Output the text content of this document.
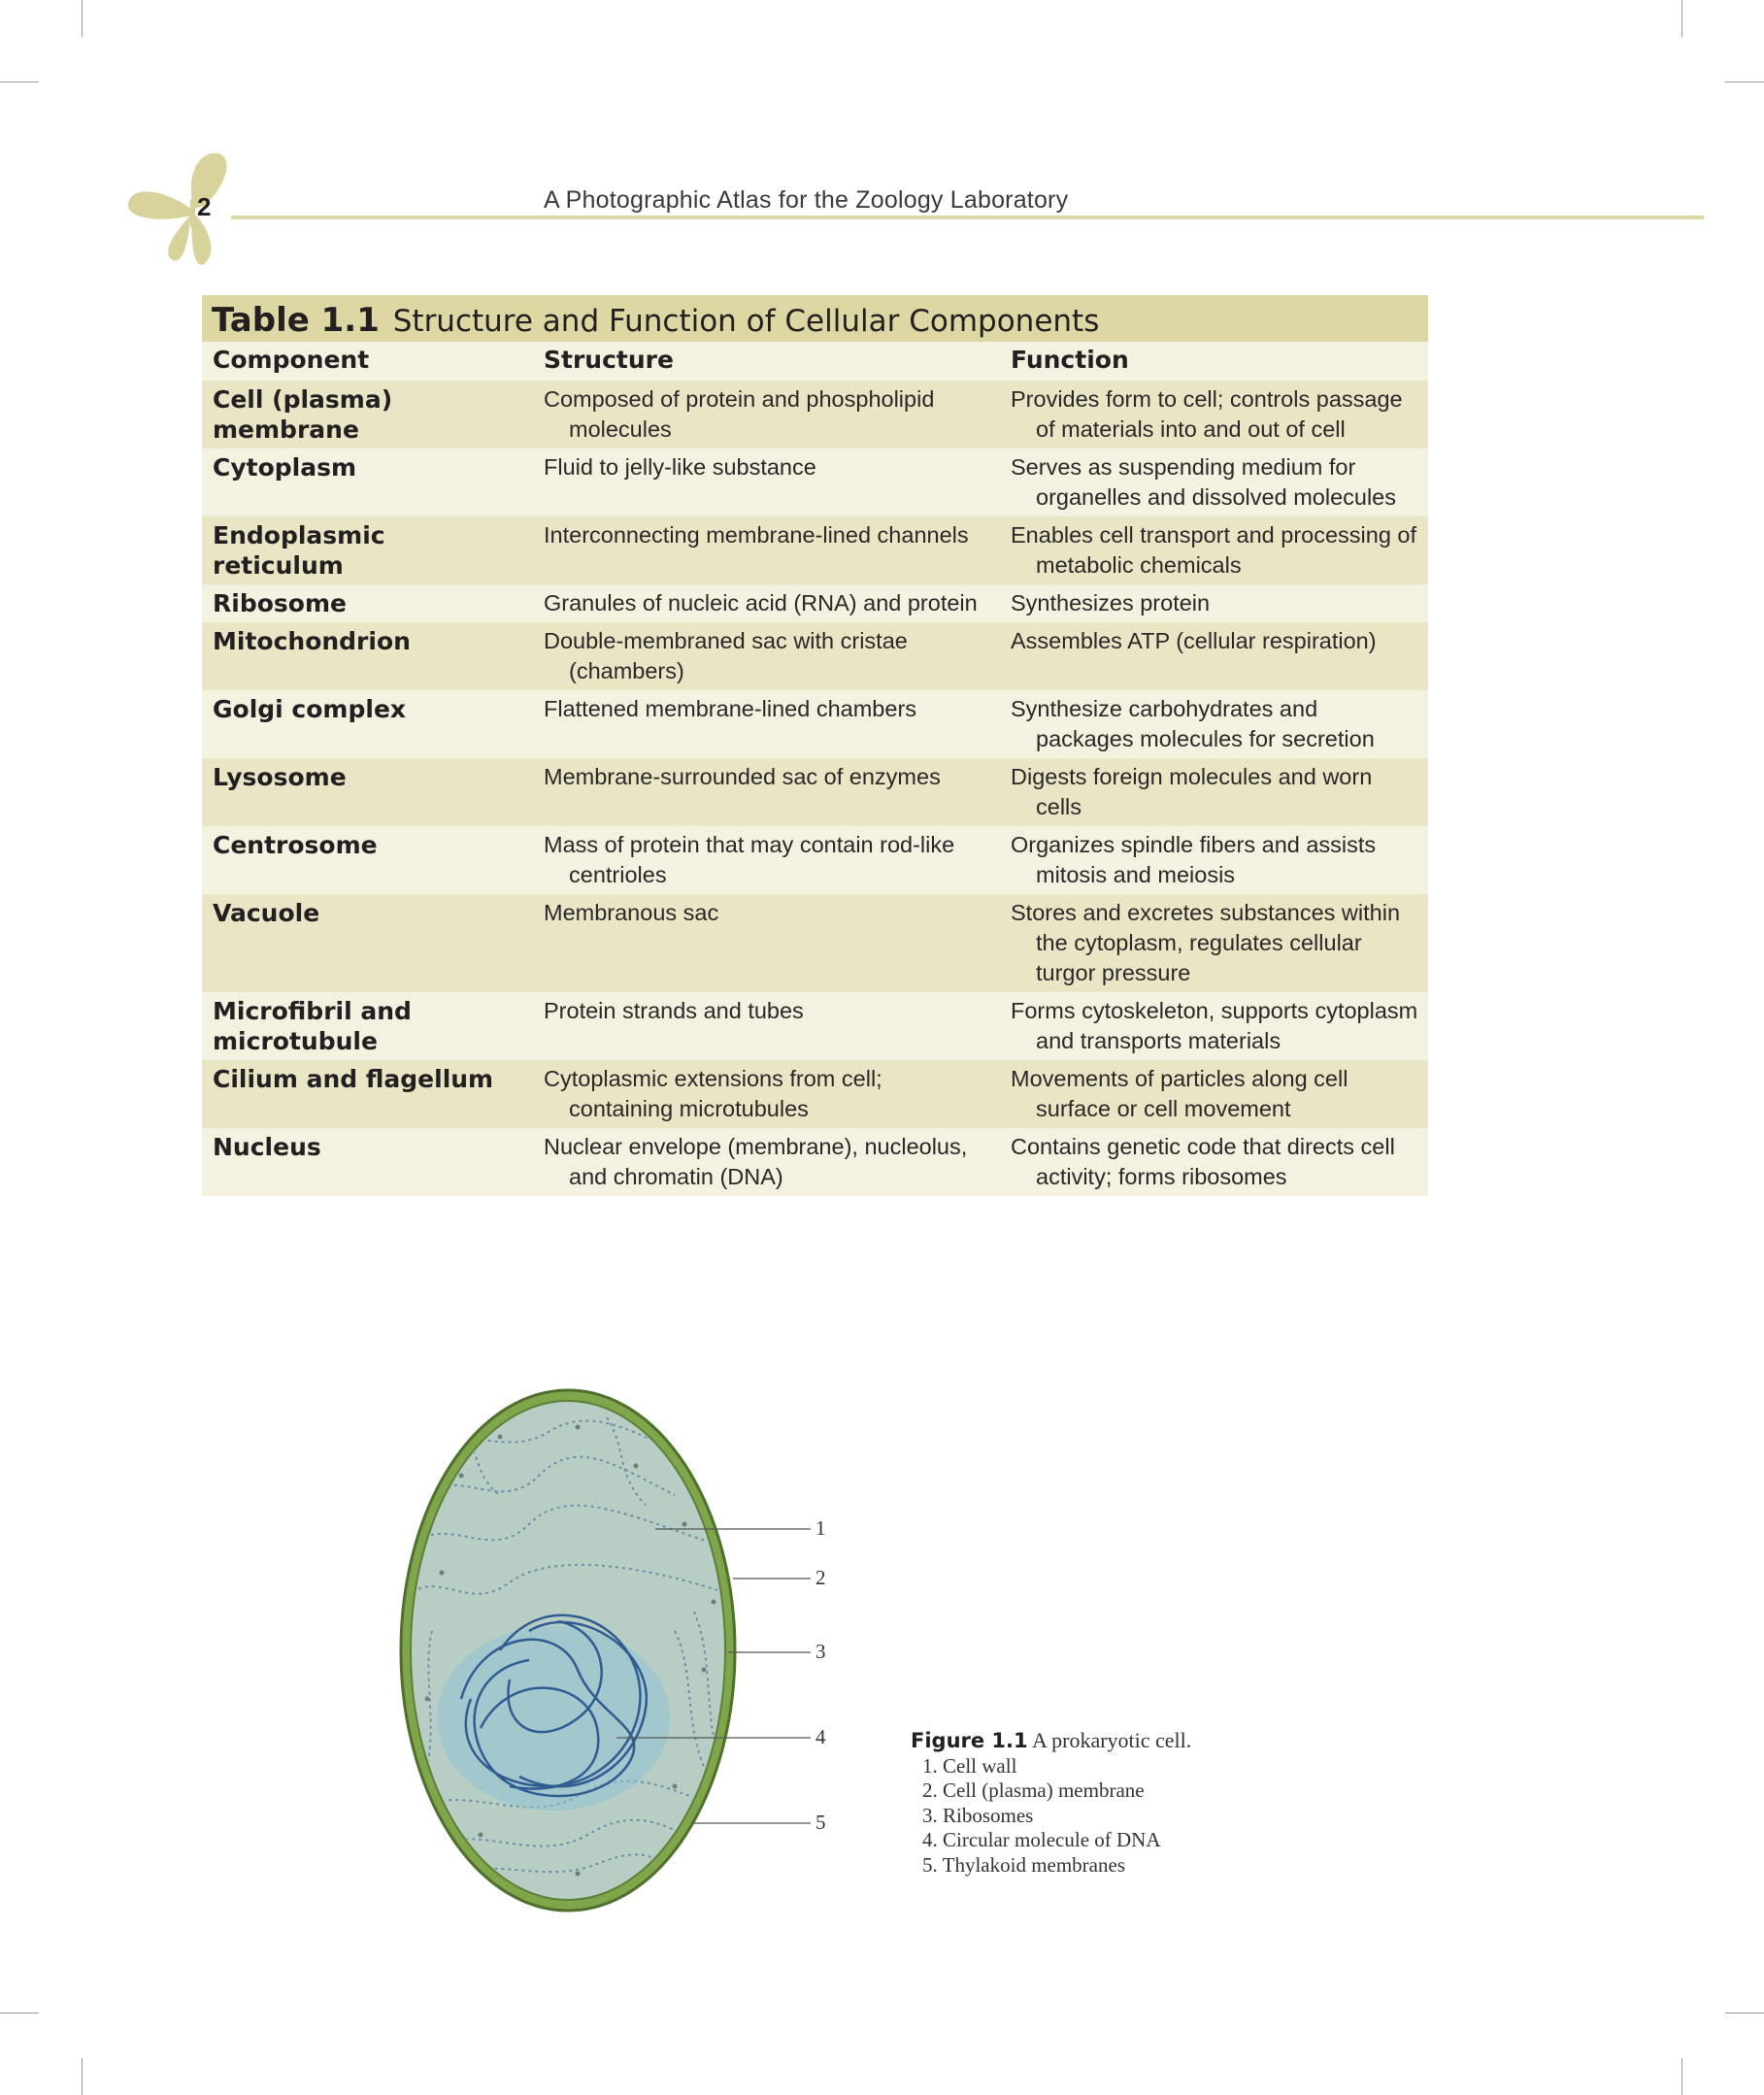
2	A Photographic Atlas for the Zoology Laboratory
Table 1.1 Structure and Function of Cellular Components
Component	Structure	Function
Cell (plasma) membrane	Composed of protein and phospholipid molecules	Provides form to cell; controls passage of materials into and out of cell

Cytoplasm	Fluid to jelly-like substance	Serves as suspending medium for organelles and dissolved molecules

Endoplasmic reticulum	Interconnecting membrane-lined channels	Enables cell transport and processing of metabolic chemicals

Ribosome	Granules of nucleic acid (RNA) and protein	Synthesizes protein

Mitochondrion	Double-membraned sac with cristae (chambers)	Assembles ATP (cellular respiration)

Golgi complex	Flattened membrane-lined chambers	Synthesize carbohydrates and packages molecules for secretion

Lysosome	Membrane-surrounded sac of enzymes	Digests foreign molecules and worn cells

Centrosome	Mass of protein that may contain rod-like centrioles	Organizes spindle fibers and assists mitosis and meiosis

Vacuole	Membranous sac	Stores and excretes substances within the cytoplasm, regulates cellular turgor pressure

Microfibril and microtubule	Protein strands and tubes	Forms cytoskeleton, supports cytoplasm and transports materials

Cilium and flagellum	Cytoplasmic extensions from cell; containing microtubules	Movements of particles along cell surface or cell movement

Nucleus	Nuclear envelope (membrane), nucleolus, and chromatin (DNA)	Contains genetic code that directs cell activity; forms ribosomes
1
2
3
4
5
Figure 1.1 A prokaryotic cell.
1. Cell wall
2. Cell (plasma) membrane
3. Ribosomes
4. Circular molecule of DNA
5. Thylakoid membranes
